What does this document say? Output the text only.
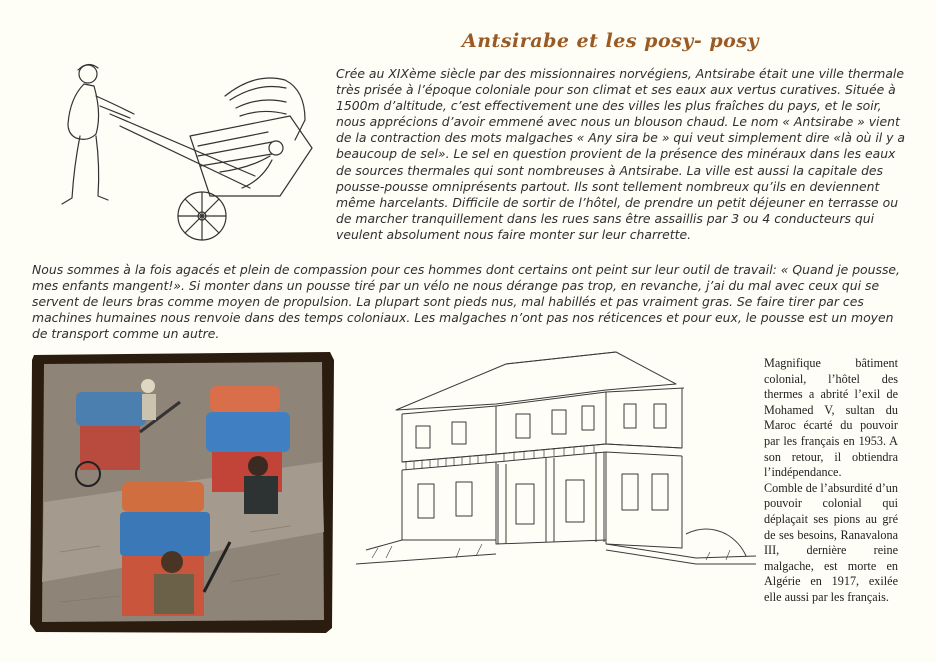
Antsirabe et les posy- posy
Crée au XIXème siècle par des missionnaires norvégiens, Antsirabe était une ville thermale très prisée à l’époque coloniale pour son climat et ses eaux aux vertus curatives. Située à 1500m d’altitude, c’est effectivement une des villes les plus fraîches du pays, et le soir, nous apprécions d’avoir emmené avec nous un blouson chaud. Le nom « Antsirabe » vient de la contraction des mots malgaches « Any sira be » qui veut simplement dire «là où il y a beaucoup de sel». Le sel en question provient de la présence des minéraux dans les eaux de sources thermales qui sont nombreuses à Antsirabe. La ville est aussi la capitale des pousse-pousse omniprésents partout. Ils sont tellement nombreux qu’ils en deviennent même harcelants. Difficile de sortir de l’hôtel, de prendre un petit déjeuner en terrasse ou de marcher tranquillement dans les rues sans être assaillis par 3 ou 4 conducteurs qui veulent absolument nous faire monter sur leur charrette.
Nous sommes à la fois agacés et plein de compassion pour ces hommes dont certains ont peint sur leur outil de travail: « Quand je pousse, mes enfants mangent!». Si monter dans un pousse tiré par un vélo ne nous dérange pas trop, en revanche, j’ai du mal avec ceux qui se servent de leurs bras comme moyen de propulsion. La plupart sont pieds nus, mal habillés et pas vraiment gras. Se faire tirer par ces machines humaines nous renvoie dans des temps coloniaux. Les malgaches n’ont pas nos réticences et pour eux, le pousse est un moyen de transport comme un autre.

Magnifique bâtiment colonial, l’hôtel des thermes a abrité l’exil de Mohamed V, sultan du Maroc écarté du pouvoir par les français en 1953. A son retour, il obtiendra l’indépendance.

Comble de l’absurdité d’un pouvoir colonial qui déplaçait ses pions au gré de ses besoins, Ranavalona III, dernière reine malgache, est morte en Algérie en 1917, exilée elle aussi par les français.
